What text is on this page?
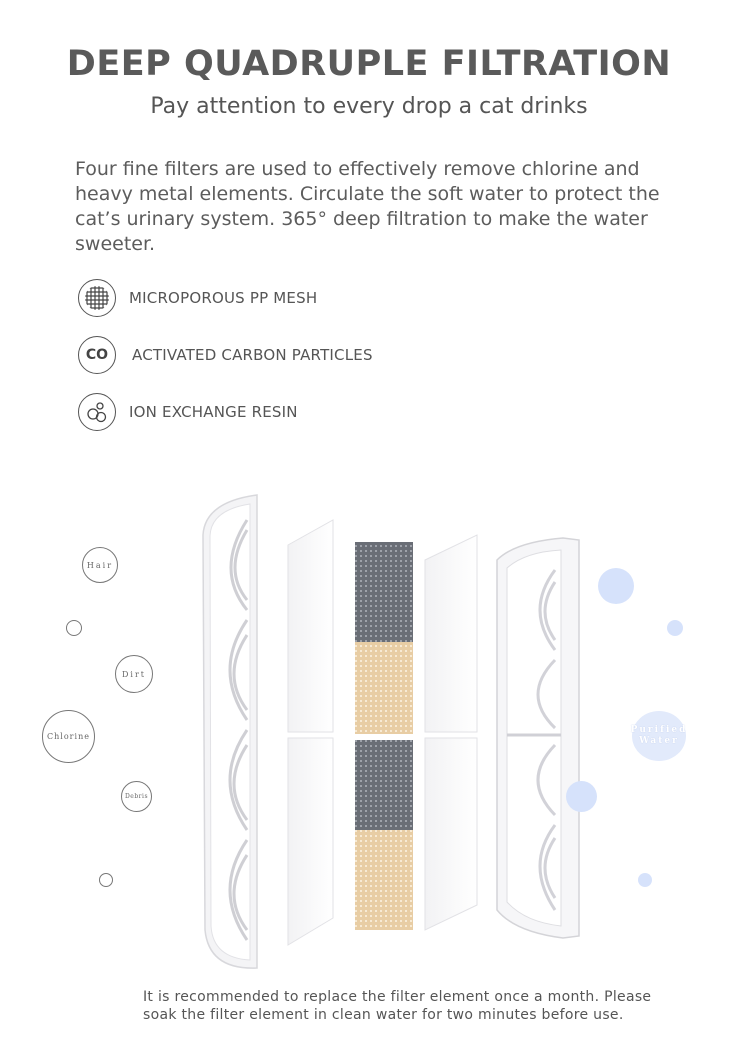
DEEP QUADRUPLE FILTRATION
Pay attention to every drop a cat drinks
Four fine filters are used to effectively remove chlorine and heavy metal elements. Circulate the soft water to protect the cat’s urinary system. 365° deep filtration to make the water sweeter.
MICROPOROUS PP MESH
CO ACTIVATED CARBON PARTICLES
ION EXCHANGE RESIN
Hair
Dirt
Chlorine
Debris
Purified
Water
It is recommended to replace the filter element once a month. Please soak the filter element in clean water for two minutes before use.
